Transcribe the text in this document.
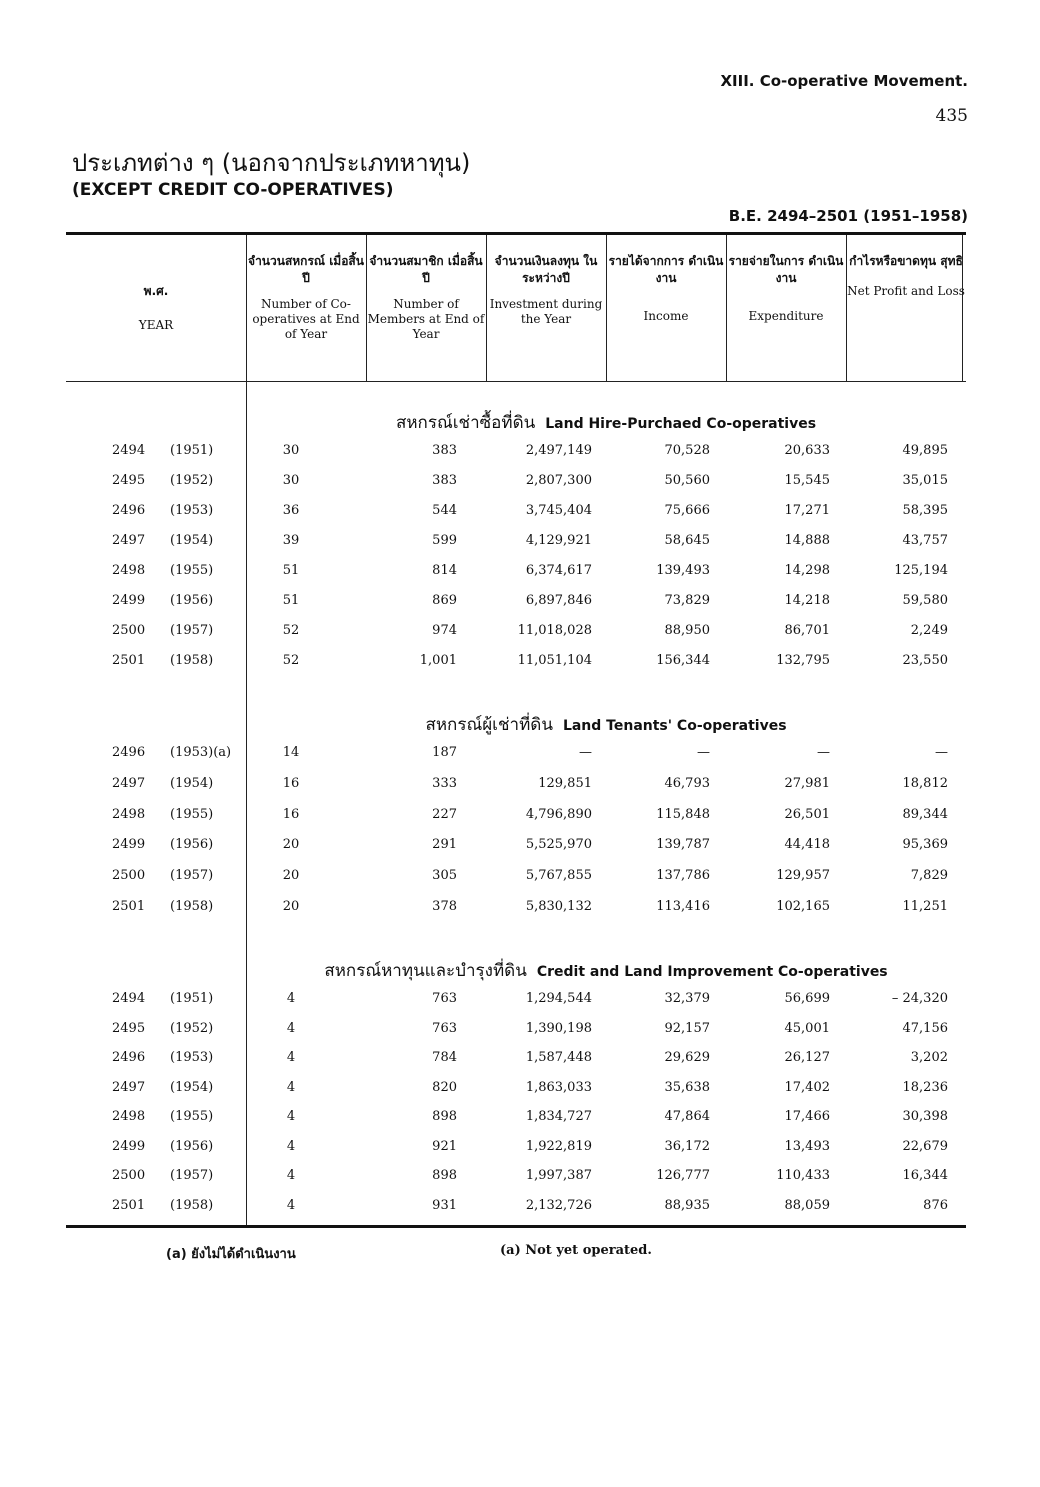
XIII. Co-operative Movement.
435
ประเภทต่าง ๆ (นอกจากประเภทหาทุน)
(EXCEPT CREDIT CO-OPERATIVES)
B.E. 2494–2501 (1951–1958)
พ.ศ.
YEAR
จำนวนสหกรณ์ เมื่อสิ้นปี
Number of Co-operatives at End of Year
จำนวนสมาชิก เมื่อสิ้นปี
Number of Members at End of Year
จำนวนเงินลงทุน ในระหว่างปี
Investment during the Year
รายได้จากการ ดำเนินงาน
Income
รายจ่ายในการ ดำเนินงาน
Expenditure
กำไรหรือขาดทุน สุทธิ
Net Profit and Loss
สหกรณ์เช่าซื้อที่ดิน Land Hire-Purchaed Co-operatives
สหกรณ์ผู้เช่าที่ดิน Land Tenants' Co-operatives
สหกรณ์หาทุนและบำรุงที่ดิน Credit and Land Improvement Co-operatives
2494 (1951)	30	383	2,497,149	70,528	20,633	49,895
2495 (1952)	30	383	2,807,300	50,560	15,545	35,015
2496 (1953)	36	544	3,745,404	75,666	17,271	58,395
2497 (1954)	39	599	4,129,921	58,645	14,888	43,757
2498 (1955)	51	814	6,374,617	139,493	14,298	125,194
2499 (1956)	51	869	6,897,846	73,829	14,218	59,580
2500 (1957)	52	974	11,018,028	88,950	86,701	2,249
2501 (1958)	52	1,001	11,051,104	156,344	132,795	23,550
2496 (1953)(a)	14	187	—	—	—	—
2497 (1954)	16	333	129,851	46,793	27,981	18,812
2498 (1955)	16	227	4,796,890	115,848	26,501	89,344
2499 (1956)	20	291	5,525,970	139,787	44,418	95,369
2500 (1957)	20	305	5,767,855	137,786	129,957	7,829
2501 (1958)	20	378	5,830,132	113,416	102,165	11,251
2494 (1951)	4	763	1,294,544	32,379	56,699	– 24,320
2495 (1952)	4	763	1,390,198	92,157	45,001	47,156
2496 (1953)	4	784	1,587,448	29,629	26,127	3,202
2497 (1954)	4	820	1,863,033	35,638	17,402	18,236
2498 (1955)	4	898	1,834,727	47,864	17,466	30,398
2499 (1956)	4	921	1,922,819	36,172	13,493	22,679
2500 (1957)	4	898	1,997,387	126,777	110,433	16,344
2501 (1958)	4	931	2,132,726	88,935	88,059	876
(a) ยังไม่ได้ดำเนินงาน	(a) Not yet operated.
